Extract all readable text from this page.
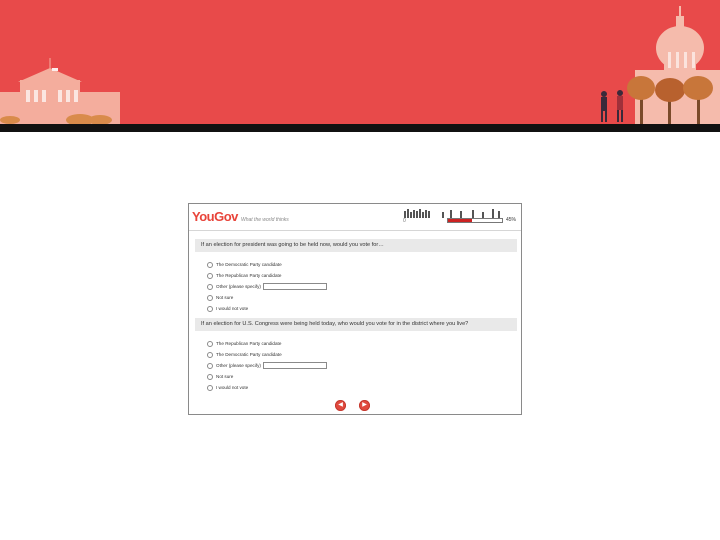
YouGov What the world thinks	0	45%
If an election for president was going to be held now, would you vote for…
The Democratic Party candidate
The Republican Party candidate
Other (please specify)
Not sure
I would not vote
If an election for U.S. Congress were being held today, who would you vote for in the district where you live?
The Republican Party candidate
The Democratic Party candidate
Other (please specify)
Not sure
I would not vote
◀	▶
